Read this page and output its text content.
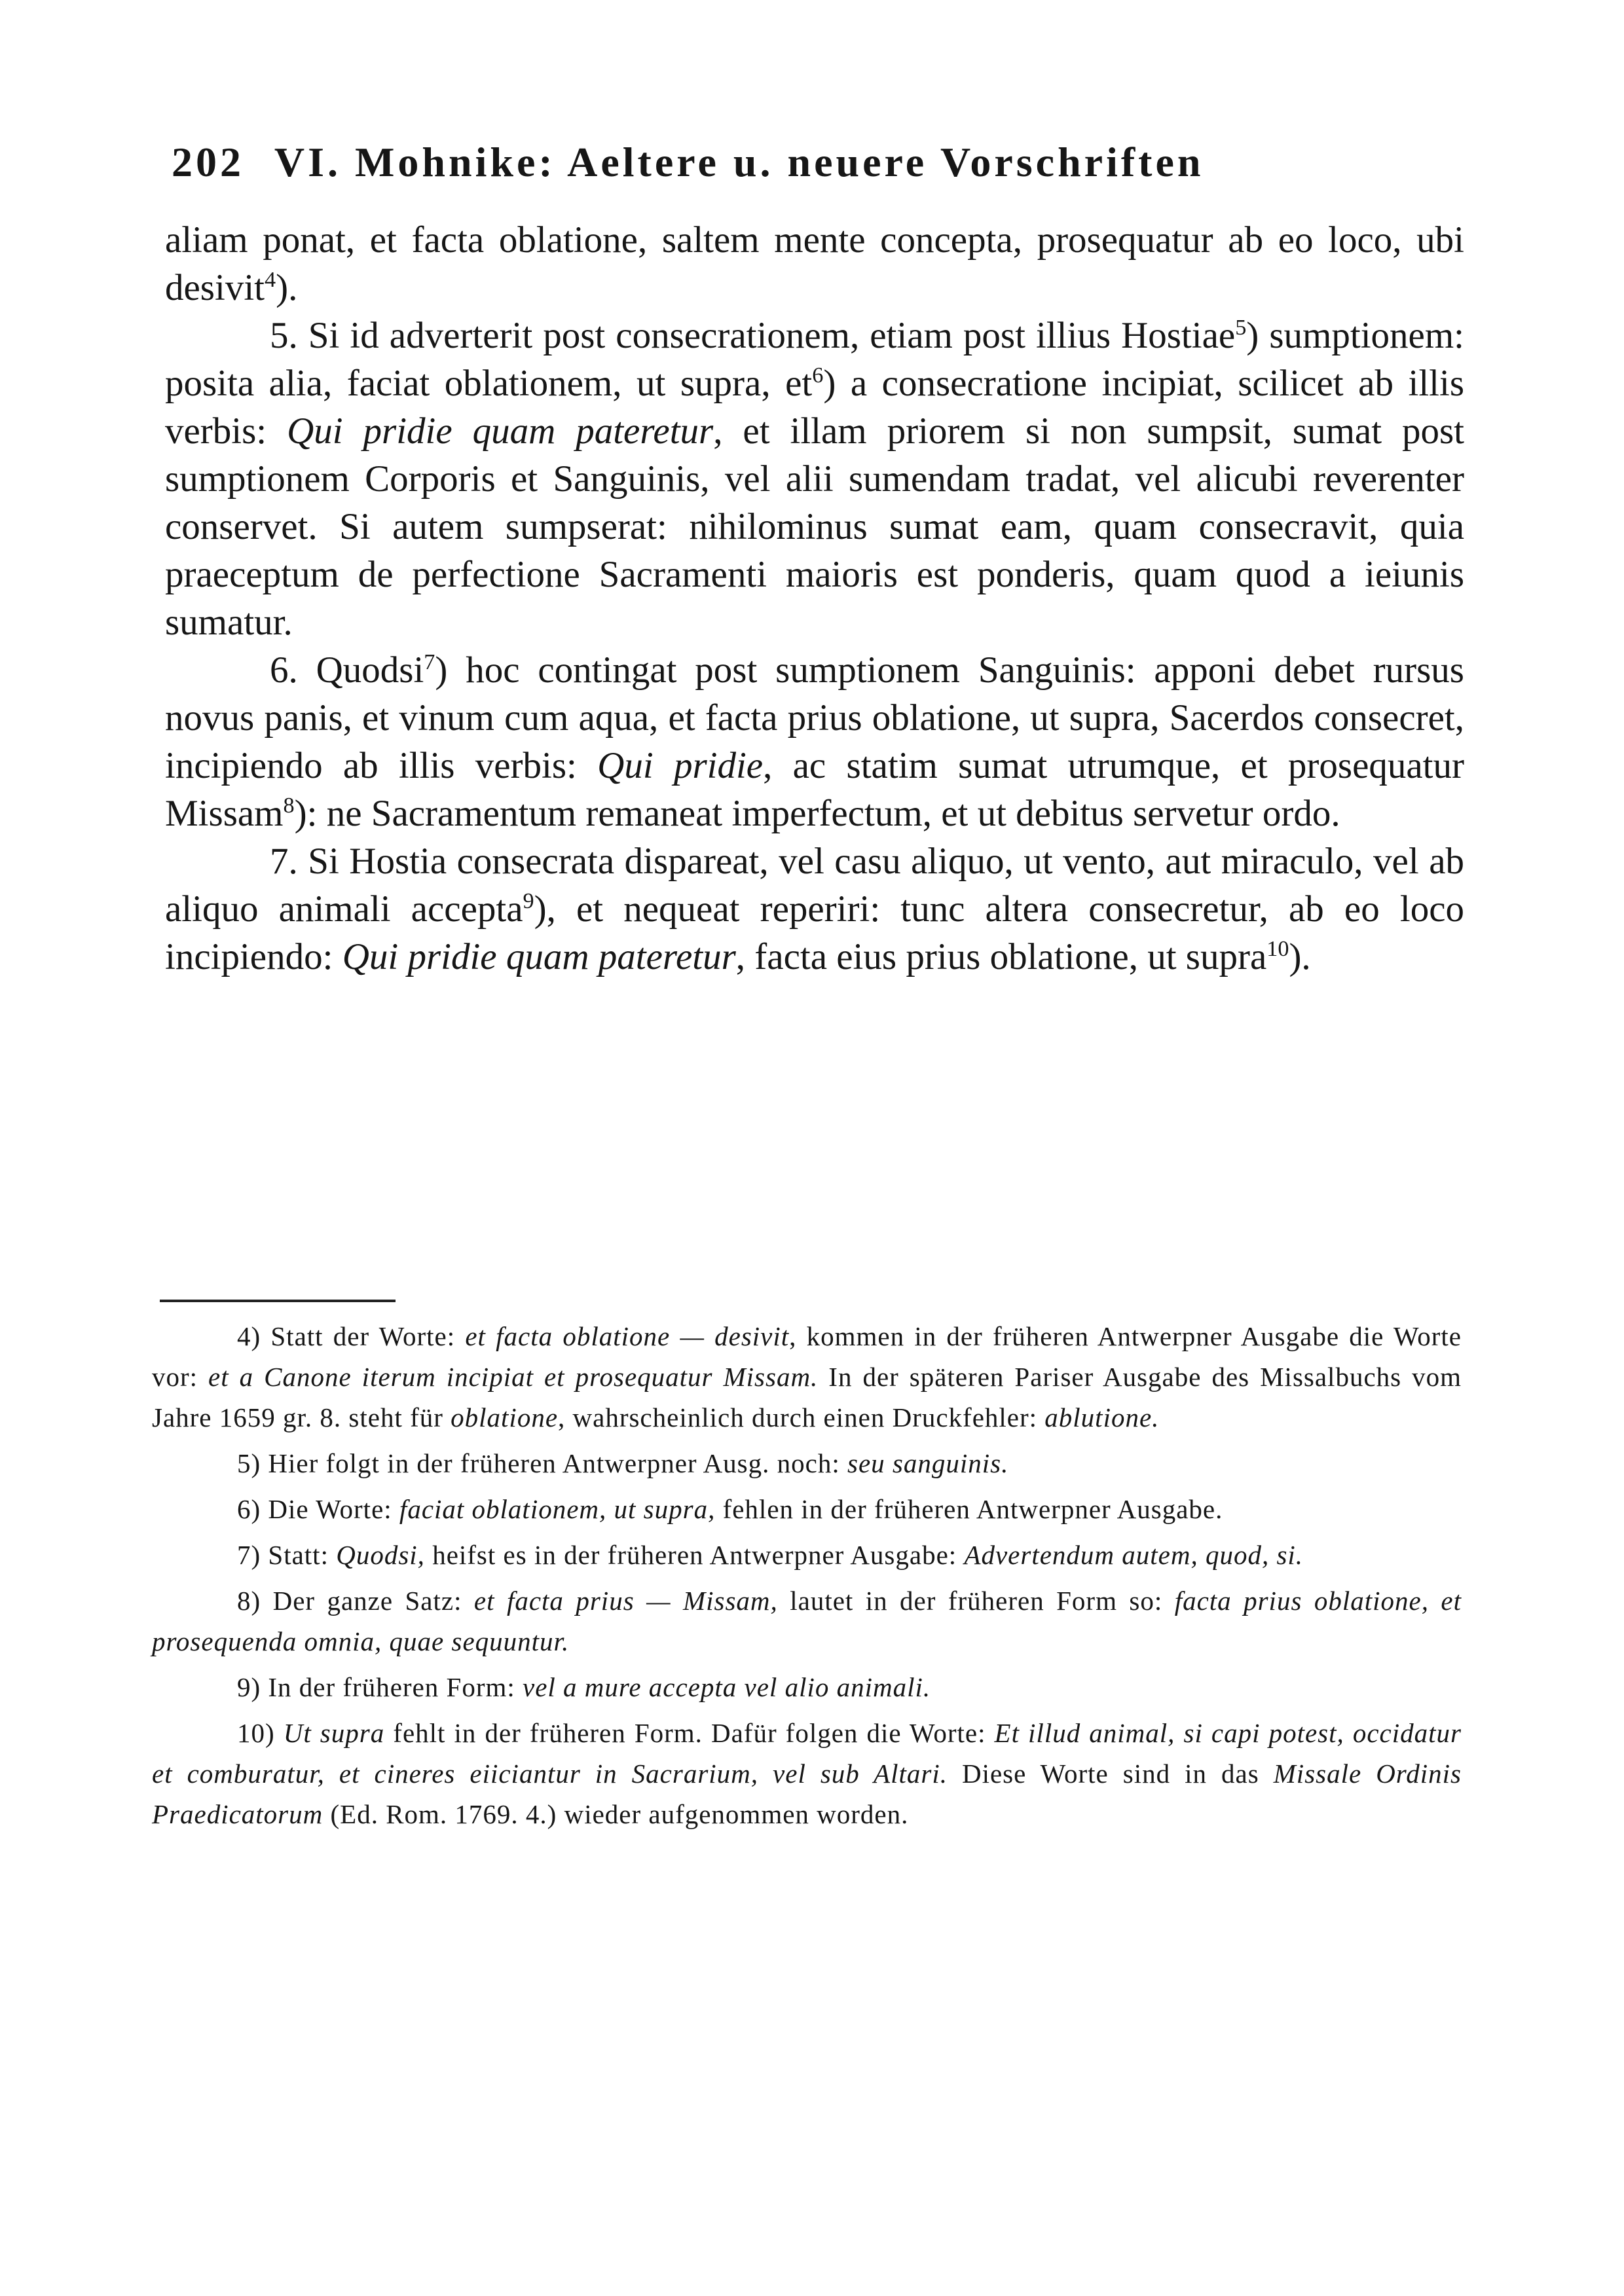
202 VI. Mohnike: Aeltere u. neuere Vorschriften

aliam ponat, et facta oblatione, saltem mente concepta, prosequatur ab eo loco, ubi desivit$^4$).

5. Si id adverterit post consecrationem, etiam post illius Hostiae$^5$) sumptionem: posita alia, faciat oblationem, ut supra, $et^6$) a consecratione incipiat, scilicet ab illis verbis: Qui pridie quam pateretur, et illam priorem si non sumpsit, sumat post sumptionem Corporis et Sanguinis, vel alii sumendam tradat, vel alicubi reverenter conservet. Si autem sumpserat: nihilominus sumat eam, quam consecravit, quia praeceptum de perfectione Sacramenti maioris est ponderis, quam quod a ieiunis sumatur.

6. Quodsi$^7$) hoc contingat post sumptionem Sanguinis: apponi debet rursus novus panis, et vinum cum aqua, et facta prius oblatione, ut supra, Sacerdos consecret, incipiendo ab illis verbis: Qui pridie, ac statim sumat utrumque, et prosequatur Missam$^8$): ne Sacramentum remaneat imperfectum, et ut debitus servetur ordo.

7. Si Hostia consecrata dispareat, vel casu aliquo, ut vento, aut miraculo, vel ab aliquo animali accepta$^9$), et nequeat reperiri: tunc altera consecretur, ab eo loco incipiendo: Qui pridie quam pateretur, facta eius prius oblatione, ut supra$^{10}$).

4) Statt der Worte: et facta oblatione — desivit, kommen in der früheren Antwerpner Ausgabe die Worte vor: et a Canone iterum incipiat et prosequatur Missam. In der späteren Pariser Ausgabe des Missalbuchs vom Jahre 1659 gr. 8. steht für oblatione, wahrscheinlich durch einen Druckfehler: ablutione.

5) Hier folgt in der früheren Antwerpner Ausg. noch: seu sanguinis.

6) Die Worte: faciat oblationem, ut supra, fehlen in der früheren Antwerpner Ausgabe.

7) Statt: Quodsi, heifst es in der früheren Antwerpner Ausgabe: Advertendum autem, quod, si.

8) Der ganze Satz: et facta prius — Missam, lautet in der früheren Form so: facta prius oblatione, et prosequenda omnia, quae sequuntur.

9) In der früheren Form: vel a mure accepta vel alio animali.

10) Ut supra fehlt in der früheren Form. Dafür folgen die Worte: Et illud animal, si capi potest, occidatur et comburatur, et cineres eiiciantur in Sacrarium, vel sub Altari. Diese Worte sind in das Missale Ordinis Praedicatorum (Ed. Rom. 1769. 4.) wieder aufgenommen worden.
